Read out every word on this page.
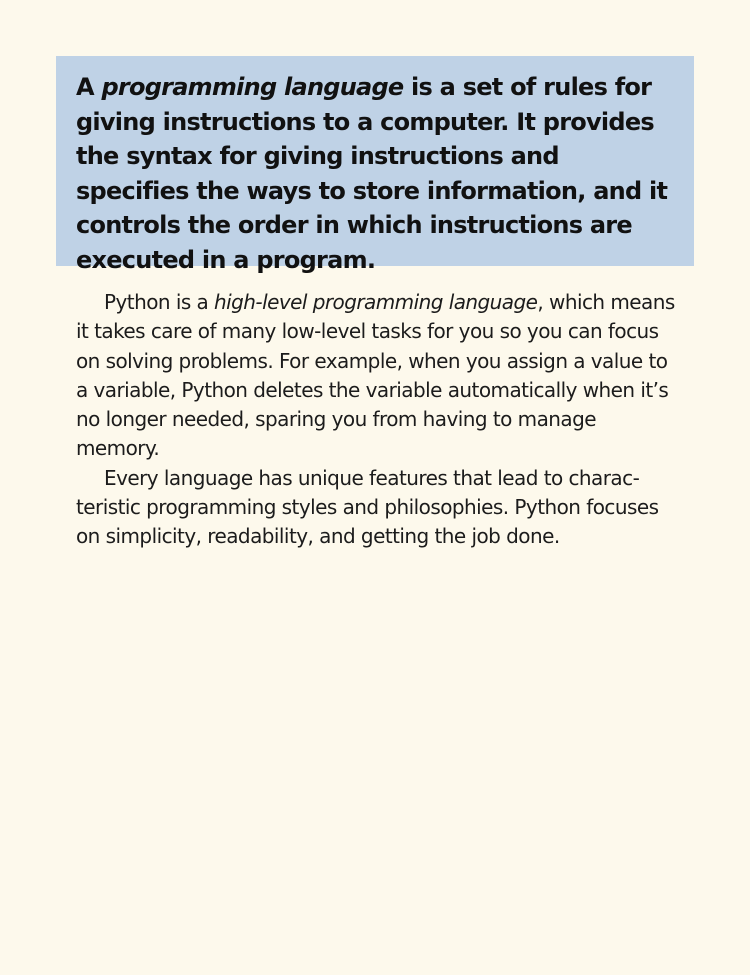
A programming language is a set of rules for giving instructions to a computer. It provides the syntax for giving instructions and specifies the ways to store information, and it controls the order in which instructions are executed in a program.

Python is a high-level programming language, which means it takes care of many low-level tasks for you so you can focus on solving problems. For example, when you assign a value to a variable, Python deletes the variable automatically when it’s no longer needed, sparing you from having to manage memory.

Every language has unique features that lead to characteristic programming styles and philosophies. Python focuses on simplicity, readability, and getting the job done.
